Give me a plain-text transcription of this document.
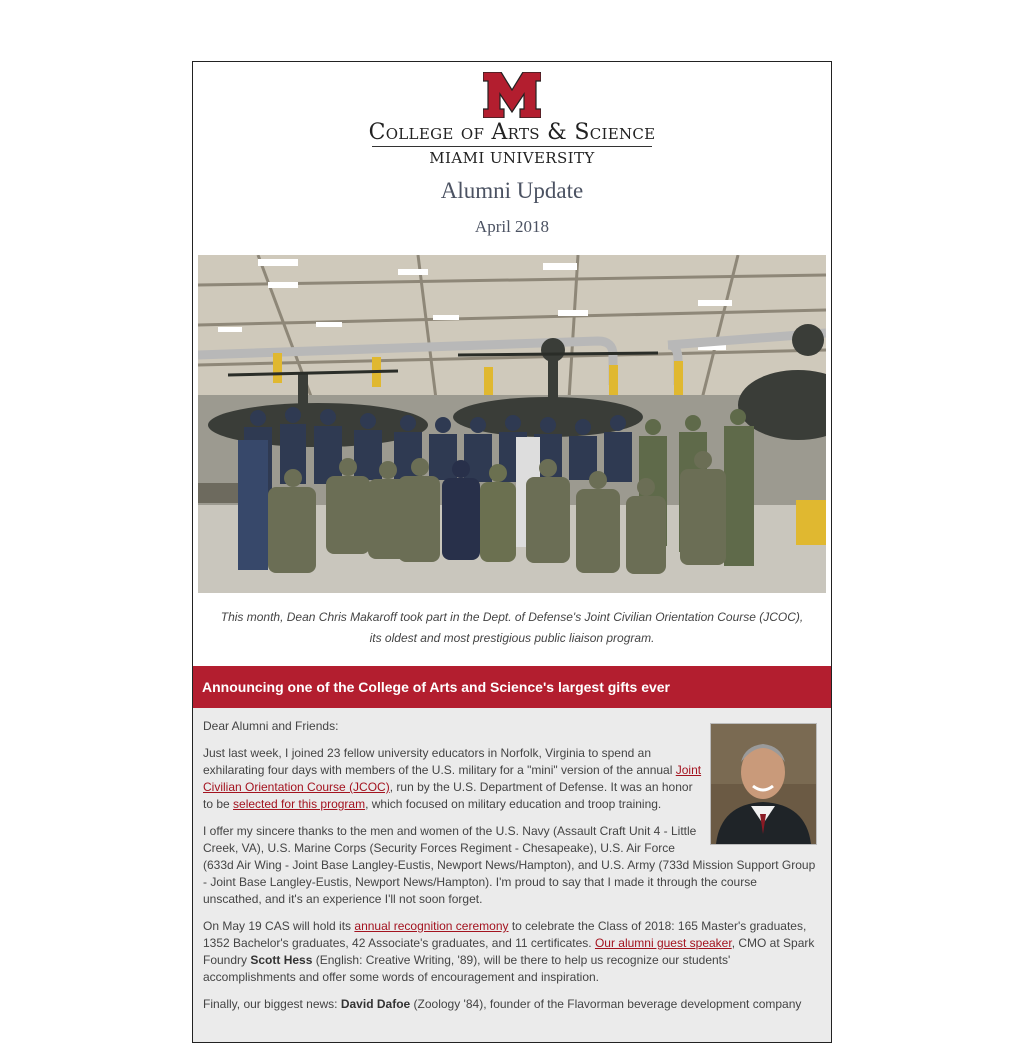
College of Arts & Science
MIAMI UNIVERSITY
Alumni Update
April 2018
This month, Dean Chris Makaroff took part in the Dept. of Defense's Joint Civilian Orientation Course (JCOC),
its oldest and most prestigious public liaison program.
Announcing one of the College of Arts and Science's largest gifts ever

Dear Alumni and Friends:

Just last week, I joined 23 fellow university educators in Norfolk, Virginia to spend an exhilarating four days with members of the U.S. military for a "mini" version of the annual Joint Civilian Orientation Course (JCOC), run by the U.S. Department of Defense. It was an honor to be selected for this program, which focused on military education and troop training.

I offer my sincere thanks to the men and women of the U.S. Navy (Assault Craft Unit 4 - Little Creek, VA), U.S. Marine Corps (Security Forces Regiment - Chesapeake), U.S. Air Force (633d Air Wing - Joint Base Langley-Eustis, Newport News/Hampton), and U.S. Army (733d Mission Support Group - Joint Base Langley-Eustis, Newport News/Hampton). I'm proud to say that I made it through the course unscathed, and it's an experience I'll not soon forget.

On May 19 CAS will hold its annual recognition ceremony to celebrate the Class of 2018: 165 Master's graduates, 1352 Bachelor's graduates, 42 Associate's graduates, and 11 certificates. Our alumni guest speaker, CMO at Spark Foundry Scott Hess (English: Creative Writing, '89), will be there to help us recognize our students' accomplishments and offer some words of encouragement and inspiration.

Finally, our biggest news: David Dafoe (Zoology '84), founder of the Flavorman beverage development company
